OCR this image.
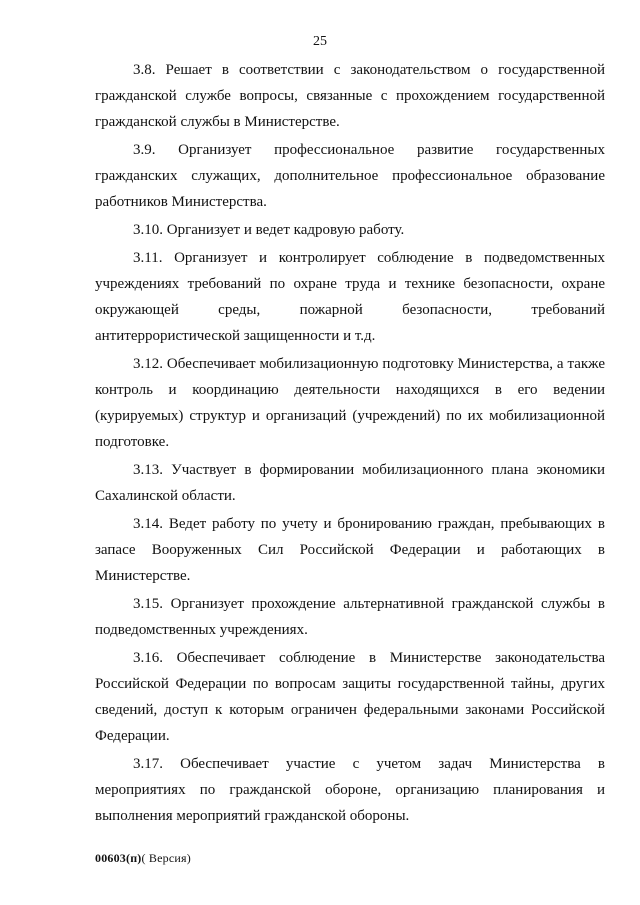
25

3.8. Решает в соответствии с законодательством о государственной гражданской службе вопросы, связанные с прохождением государственной гражданской службы в Министерстве.

3.9. Организует профессиональное развитие государственных гражданских служащих, дополнительное профессиональное образование работников Министерства.

3.10. Организует и ведет кадровую работу.

3.11. Организует и контролирует соблюдение в подведомственных учреждениях требований по охране труда и технике безопасности, охране окружающей среды, пожарной безопасности, требований антитеррористической защищенности и т.д.

3.12. Обеспечивает мобилизационную подготовку Министерства, а также контроль и координацию деятельности находящихся в его ведении (курируемых) структур и организаций (учреждений) по их мобилизационной подготовке.

3.13. Участвует в формировании мобилизационного плана экономики Сахалинской области.

3.14. Ведет работу по учету и бронированию граждан, пребывающих в запасе Вооруженных Сил Российской Федерации и работающих в Министерстве.

3.15. Организует прохождение альтернативной гражданской службы в подведомственных учреждениях.

3.16. Обеспечивает соблюдение в Министерстве законодательства Российской Федерации по вопросам защиты государственной тайны, других сведений, доступ к которым ограничен федеральными законами Российской Федерации.

3.17. Обеспечивает участие с учетом задач Министерства в мероприятиях по гражданской обороне, организацию планирования и выполнения мероприятий гражданской обороны.

00603(п)( Версия)
